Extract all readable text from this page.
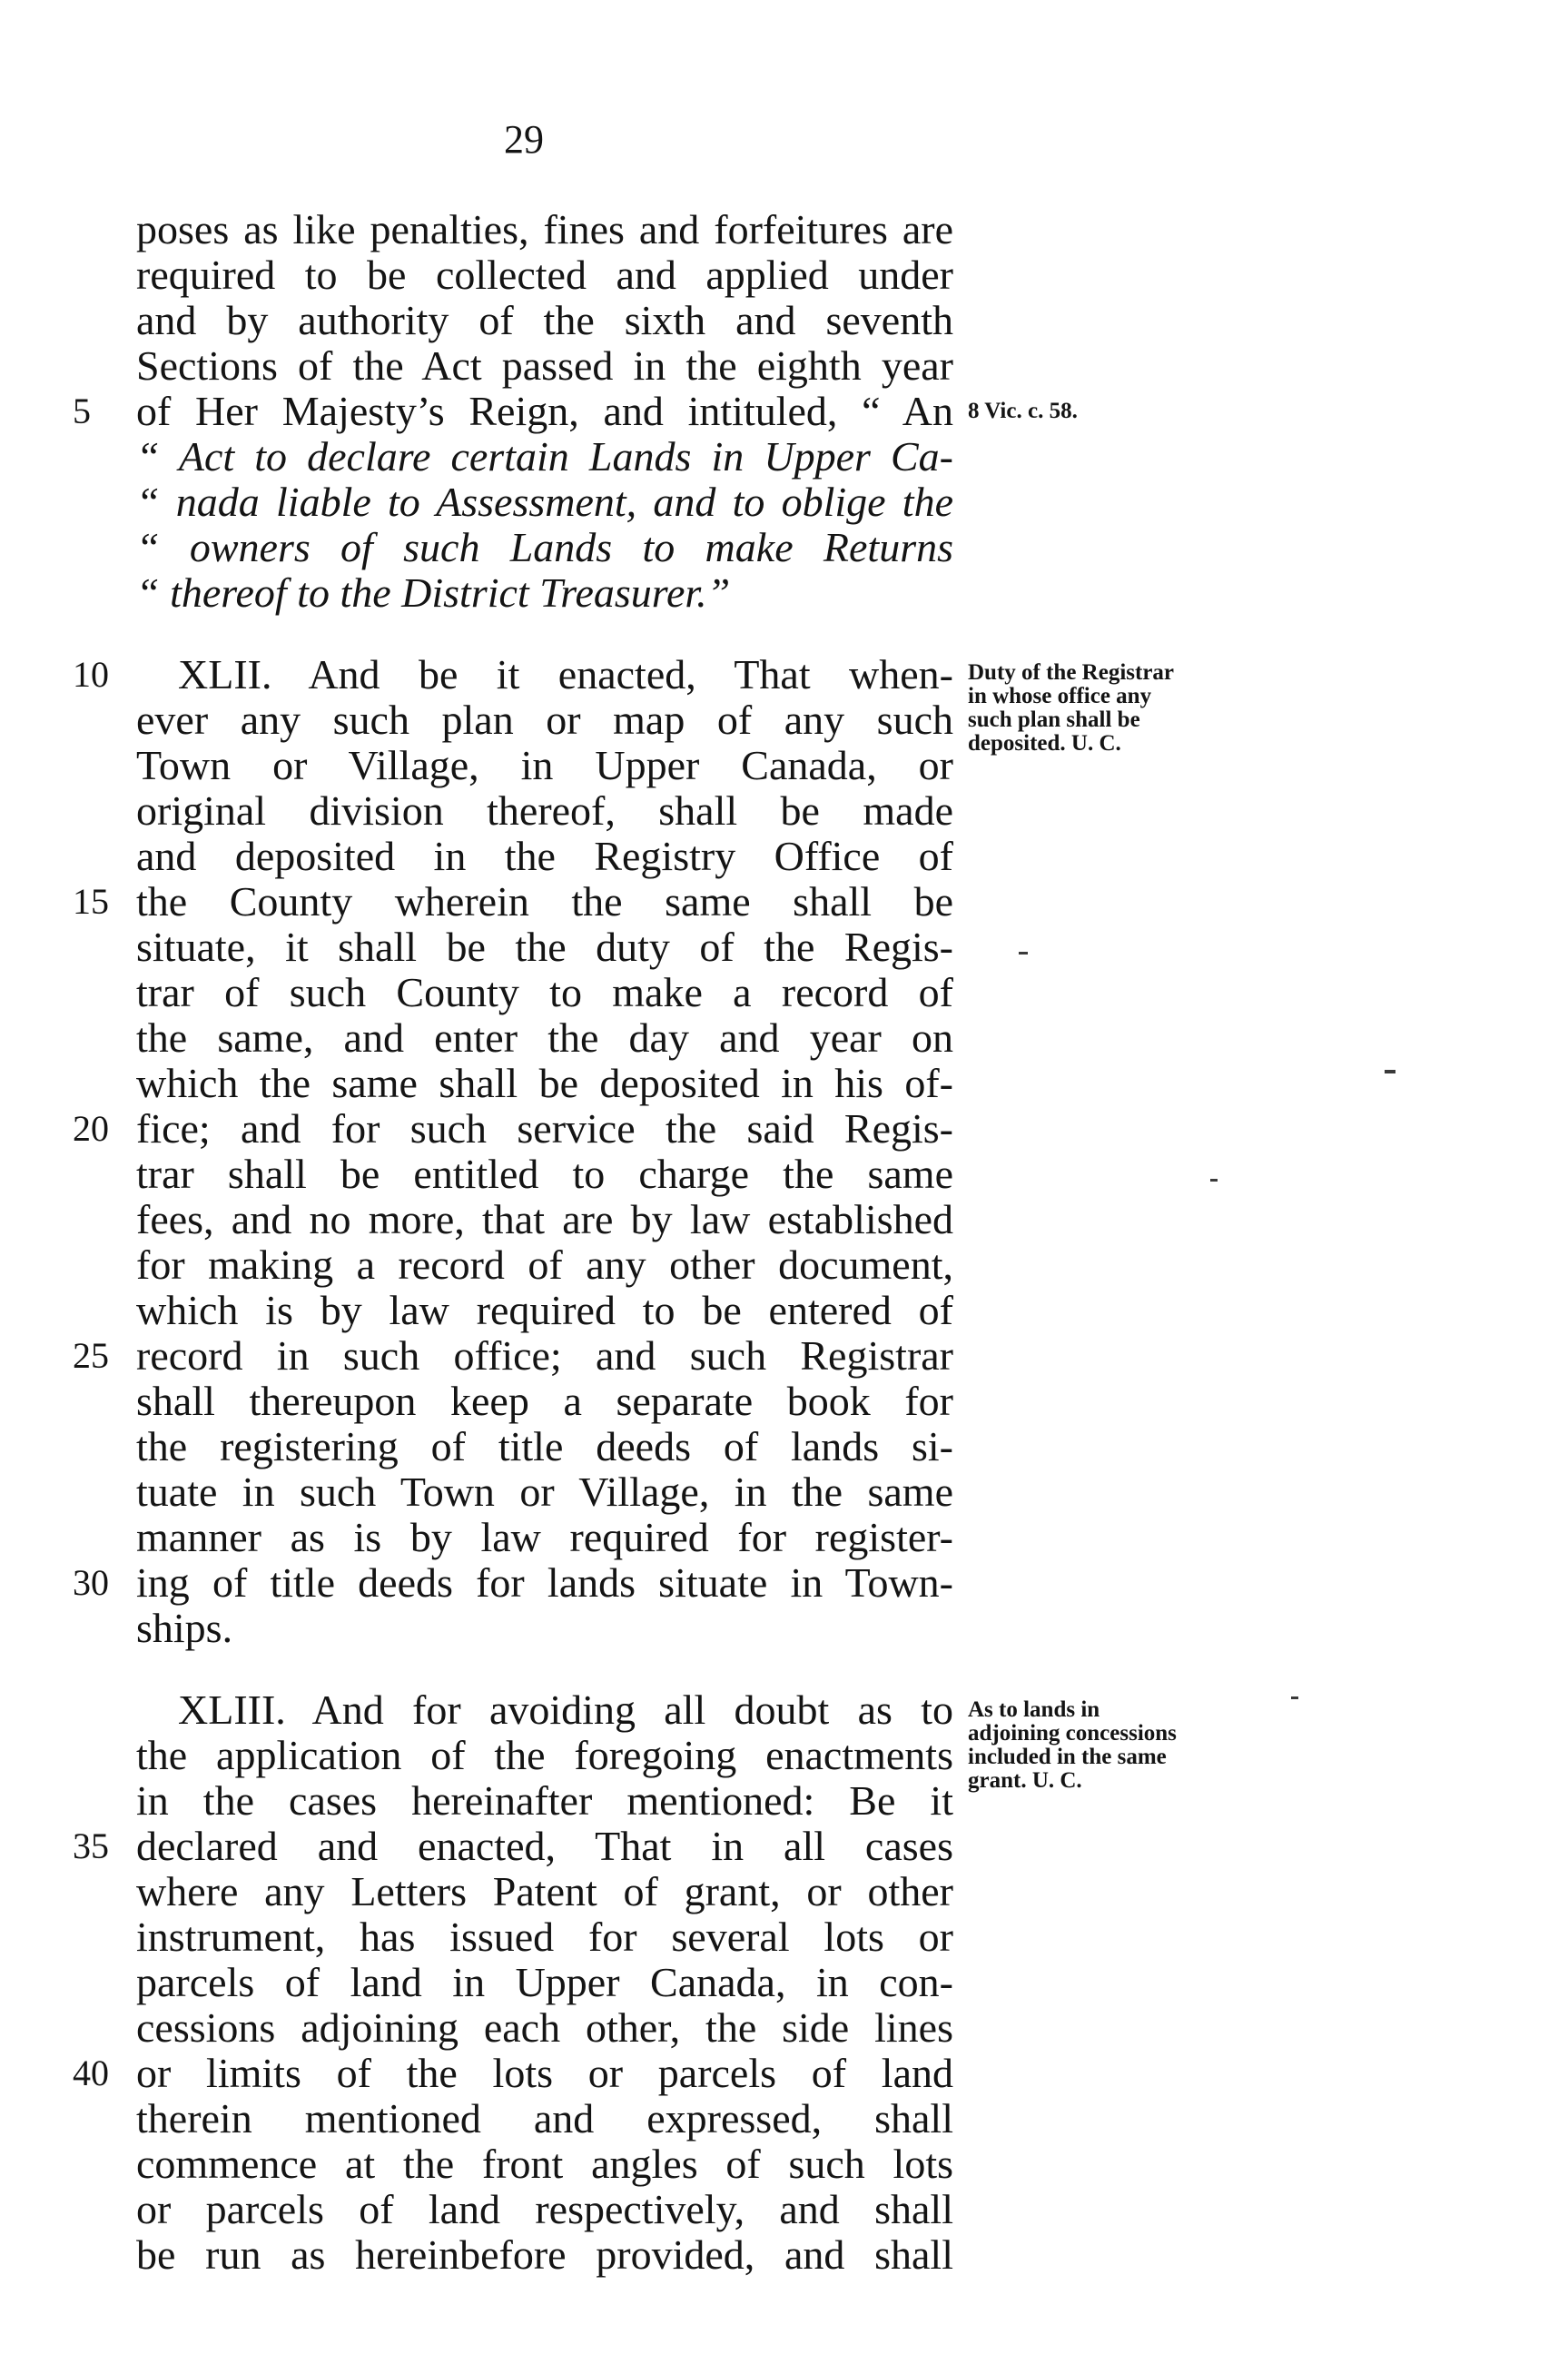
29
poses as like penalties, fines and forfeitures are
required to be collected and applied under
and by authority of the sixth and seventh
Sections of the Act passed in the eighth year
5	of Her Majesty’s Reign, and intituled, “ An
“ Act to declare certain Lands in Upper Ca-
“ nada liable to Assessment, and to oblige the
“ owners of such Lands to make Returns
“ thereof to the District Treasurer.”
10	XLII. And be it enacted, That when-
ever any such plan or map of any such
Town or Village, in Upper Canada, or
original division thereof, shall be made
and deposited in the Registry Office of
15 the County wherein the same shall be
situate, it shall be the duty of the Regis-
trar of such County to make a record of
the same, and enter the day and year on
which the same shall be deposited in his of-
20 fice; and for such service the said Regis-
trar shall be entitled to charge the same
fees, and no more, that are by law established
for making a record of any other document,
which is by law required to be entered of
25 record in such office; and such Registrar
shall thereupon keep a separate book for
the registering of title deeds of lands si-
tuate in such Town or Village, in the same
manner as is by law required for register-
30 ing of title deeds for lands situate in Town-
ships.
XLIII. And for avoiding all doubt as to
the application of the foregoing enactments
in the cases hereinafter mentioned: Be it
35 declared and enacted, That in all cases
where any Letters Patent of grant, or other
instrument, has issued for several lots or
parcels of land in Upper Canada, in con-
cessions adjoining each other, the side lines
40 or limits of the lots or parcels of land
therein mentioned and expressed, shall
commence at the front angles of such lots
or parcels of land respectively, and shall
be run as hereinbefore provided, and shall
8 Vic. c. 58.
Duty of the Registrar in whose office any such plan shall be deposited. U. C.
As to lands in adjoining concessions included in the same grant. U. C.
